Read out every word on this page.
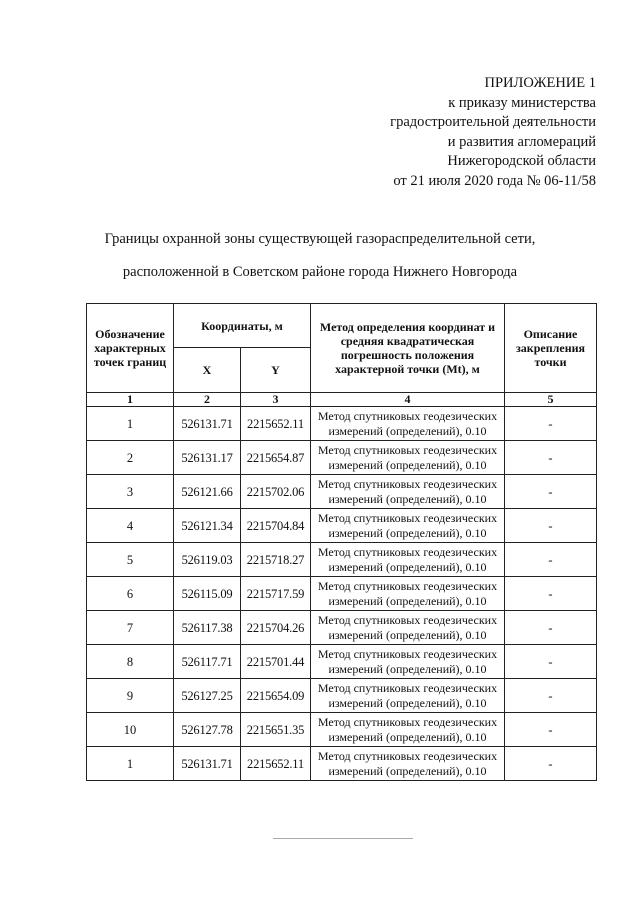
ПРИЛОЖЕНИЕ 1
к приказу министерства
градостроительной деятельности
и развития агломераций
Нижегородской области
от 21 июля 2020 года № 06-11/58
Границы охранной зоны существующей газораспределительной сети,
расположенной в Советском районе города Нижнего Новгорода
Обозначение характерных точек границ	Координаты, м		Метод определения координат и средняя квадратическая погрешность положения характерной точки (Mt), м	Описание закрепления точки
	X	Y		
1	2	3	4	5
1	526131.71	2215652.11	Метод спутниковых геодезических измерений (определений), 0.10	-
2	526131.17	2215654.87	Метод спутниковых геодезических измерений (определений), 0.10	-
3	526121.66	2215702.06	Метод спутниковых геодезических измерений (определений), 0.10	-
4	526121.34	2215704.84	Метод спутниковых геодезических измерений (определений), 0.10	-
5	526119.03	2215718.27	Метод спутниковых геодезических измерений (определений), 0.10	-
6	526115.09	2215717.59	Метод спутниковых геодезических измерений (определений), 0.10	-
7	526117.38	2215704.26	Метод спутниковых геодезических измерений (определений), 0.10	-
8	526117.71	2215701.44	Метод спутниковых геодезических измерений (определений), 0.10	-
9	526127.25	2215654.09	Метод спутниковых геодезических измерений (определений), 0.10	-
10	526127.78	2215651.35	Метод спутниковых геодезических измерений (определений), 0.10	-
1	526131.71	2215652.11	Метод спутниковых геодезических измерений (определений), 0.10	-
